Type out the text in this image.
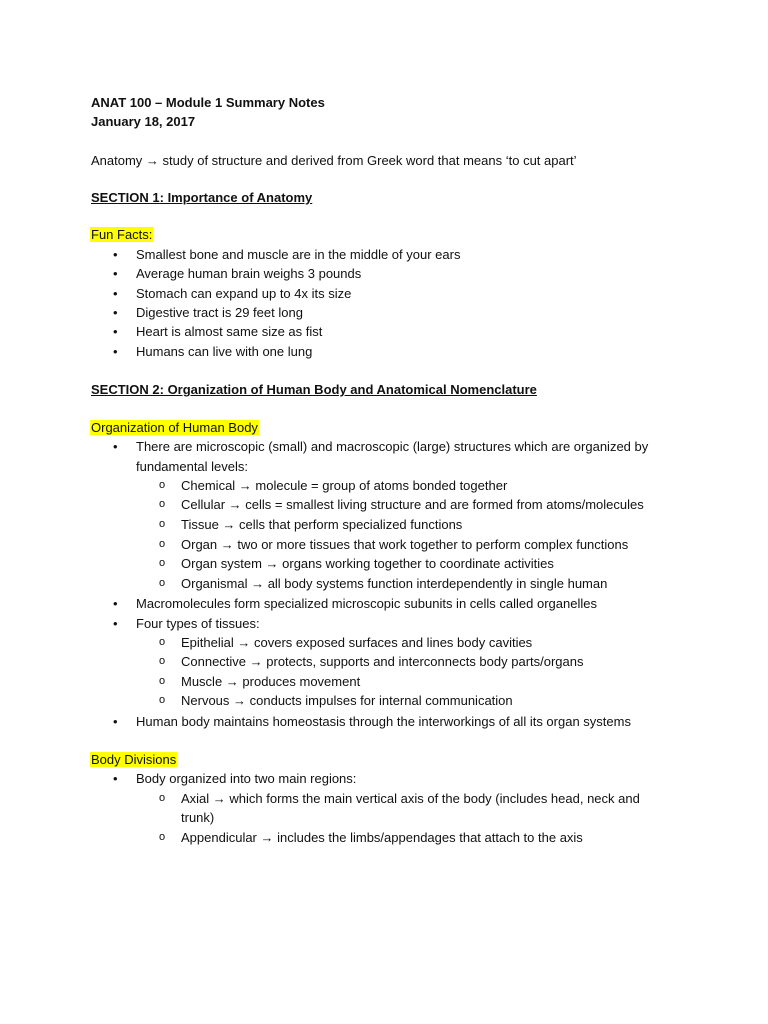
ANAT 100 – Module 1 Summary Notes
January 18, 2017
Anatomy → study of structure and derived from Greek word that means ‘to cut apart’
SECTION 1: Importance of Anatomy
Fun Facts:
• Smallest bone and muscle are in the middle of your ears
• Average human brain weighs 3 pounds
• Stomach can expand up to 4x its size
• Digestive tract is 29 feet long
• Heart is almost same size as fist
• Humans can live with one lung
SECTION 2: Organization of Human Body and Anatomical Nomenclature
Organization of Human Body
• There are microscopic (small) and macroscopic (large) structures which are organized by
fundamental levels:
o Chemical → molecule = group of atoms bonded together
o Cellular → cells = smallest living structure and are formed from atoms/molecules
o Tissue → cells that perform specialized functions
o Organ → two or more tissues that work together to perform complex functions
o Organ system → organs working together to coordinate activities
o Organismal → all body systems function interdependently in single human
• Macromolecules form specialized microscopic subunits in cells called organelles
• Four types of tissues:
o Epithelial → covers exposed surfaces and lines body cavities
o Connective → protects, supports and interconnects body parts/organs
o Muscle → produces movement
o Nervous → conducts impulses for internal communication
• Human body maintains homeostasis through the interworkings of all its organ systems
Body Divisions
• Body organized into two main regions:
o Axial → which forms the main vertical axis of the body (includes head, neck and
trunk)
o Appendicular → includes the limbs/appendages that attach to the axis
